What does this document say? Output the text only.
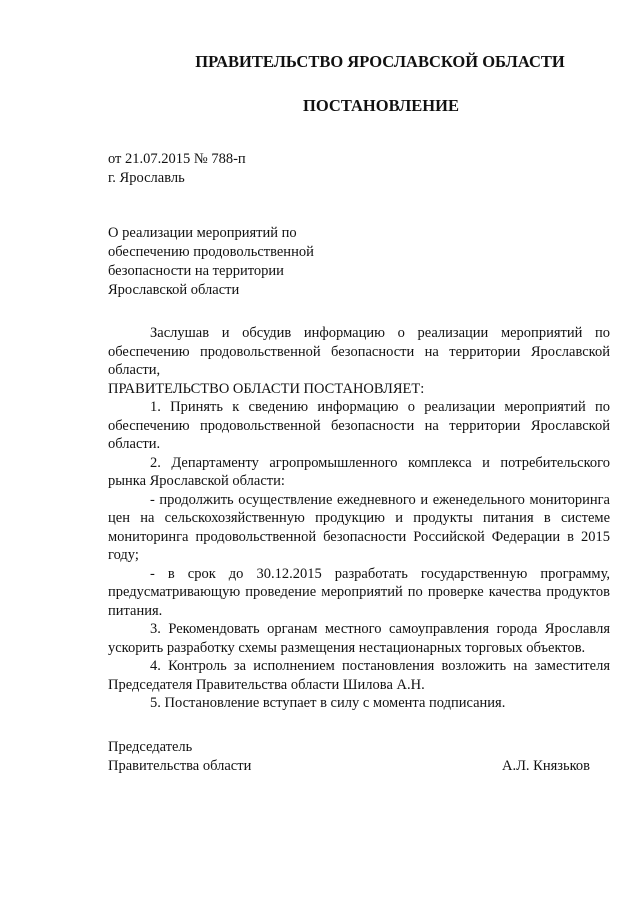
ПРАВИТЕЛЬСТВО ЯРОСЛАВСКОЙ ОБЛАСТИ
ПОСТАНОВЛЕНИЕ
от 21.07.2015 № 788-п
г. Ярославль
О реализации мероприятий по
обеспечению продовольственной
безопасности на территории
Ярославской области

Заслушав и обсудив информацию о реализации мероприятий по обеспечению продовольственной безопасности на территории Ярославской области,

ПРАВИТЕЛЬСТВО ОБЛАСТИ ПОСТАНОВЛЯЕТ:

1. Принять к сведению информацию о реализации мероприятий по обеспечению продовольственной безопасности на территории Ярославской области.

2. Департаменту агропромышленного комплекса и потребительского рынка Ярославской области:

- продолжить осуществление ежедневного и еженедельного мониторинга цен на сельскохозяйственную продукцию и продукты питания в системе мониторинга продовольственной безопасности Российской Федерации в 2015 году;

- в срок до 30.12.2015 разработать государственную программу, предусматривающую проведение мероприятий по проверке качества продуктов питания.

3. Рекомендовать органам местного самоуправления города Ярославля ускорить разработку схемы размещения нестационарных торговых объектов.

4. Контроль за исполнением постановления возложить на заместителя Председателя Правительства области Шилова А.Н.

5. Постановление вступает в силу с момента подписания.

Председатель
Правительства области	А.Л. Князьков
